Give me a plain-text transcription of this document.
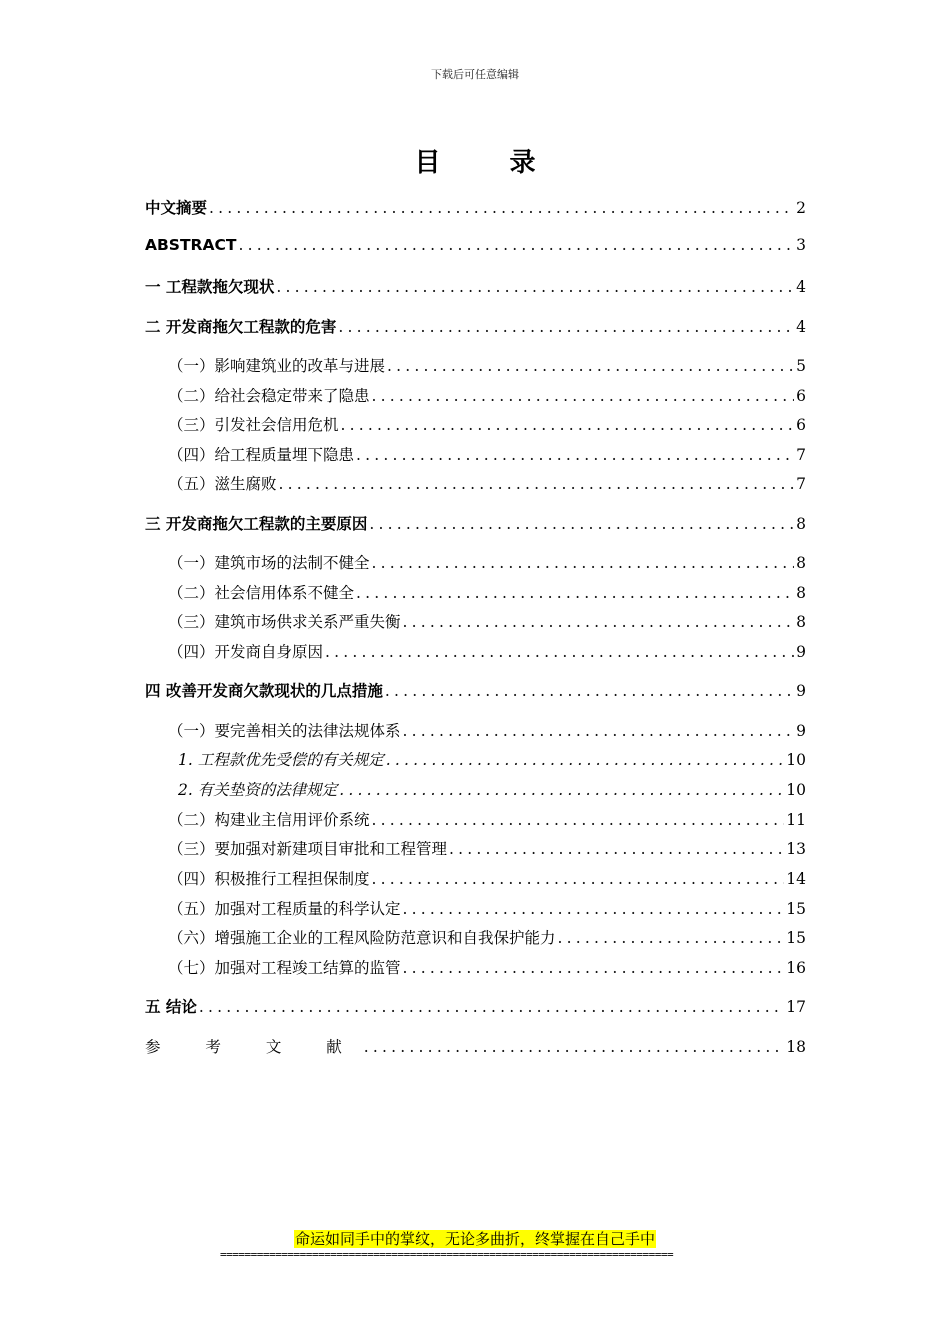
下载后可任意编辑
目 录
中文摘要 .....	2
ABSTRACT .....	3
一 工程款拖欠现状 .....	4
二 开发商拖欠工程款的危害 .....	4
（一）影响建筑业的改革与进展 .....	5
（二）给社会稳定带来了隐患 .....	6
（三）引发社会信用危机 .....	6
（四）给工程质量埋下隐患 .....	7
（五）滋生腐败 .....	7
三 开发商拖欠工程款的主要原因 .....	8
（一）建筑市场的法制不健全 .....	8
（二）社会信用体系不健全 .....	8
（三）建筑市场供求关系严重失衡 .....	8
（四）开发商自身原因 .....	9
四 改善开发商欠款现状的几点措施 .....	9
（一）要完善相关的法律法规体系 .....	9
1. 工程款优先受偿的有关规定 .....	10
2. 有关垫资的法律规定 .....	10
（二）构建业主信用评价系统 .....	11
（三）要加强对新建项目审批和工程管理 .....	13
（四）积极推行工程担保制度 .....	14
（五）加强对工程质量的科学认定 .....	15
（六）增强施工企业的工程风险防范意识和自我保护能力 .....	15
（七）加强对工程竣工结算的监管 .....	16
五 结论 .....	17
参 考 文 献 .....	18
命运如同手中的掌纹，无论多曲折，终掌握在自己手中
==========================================================================
